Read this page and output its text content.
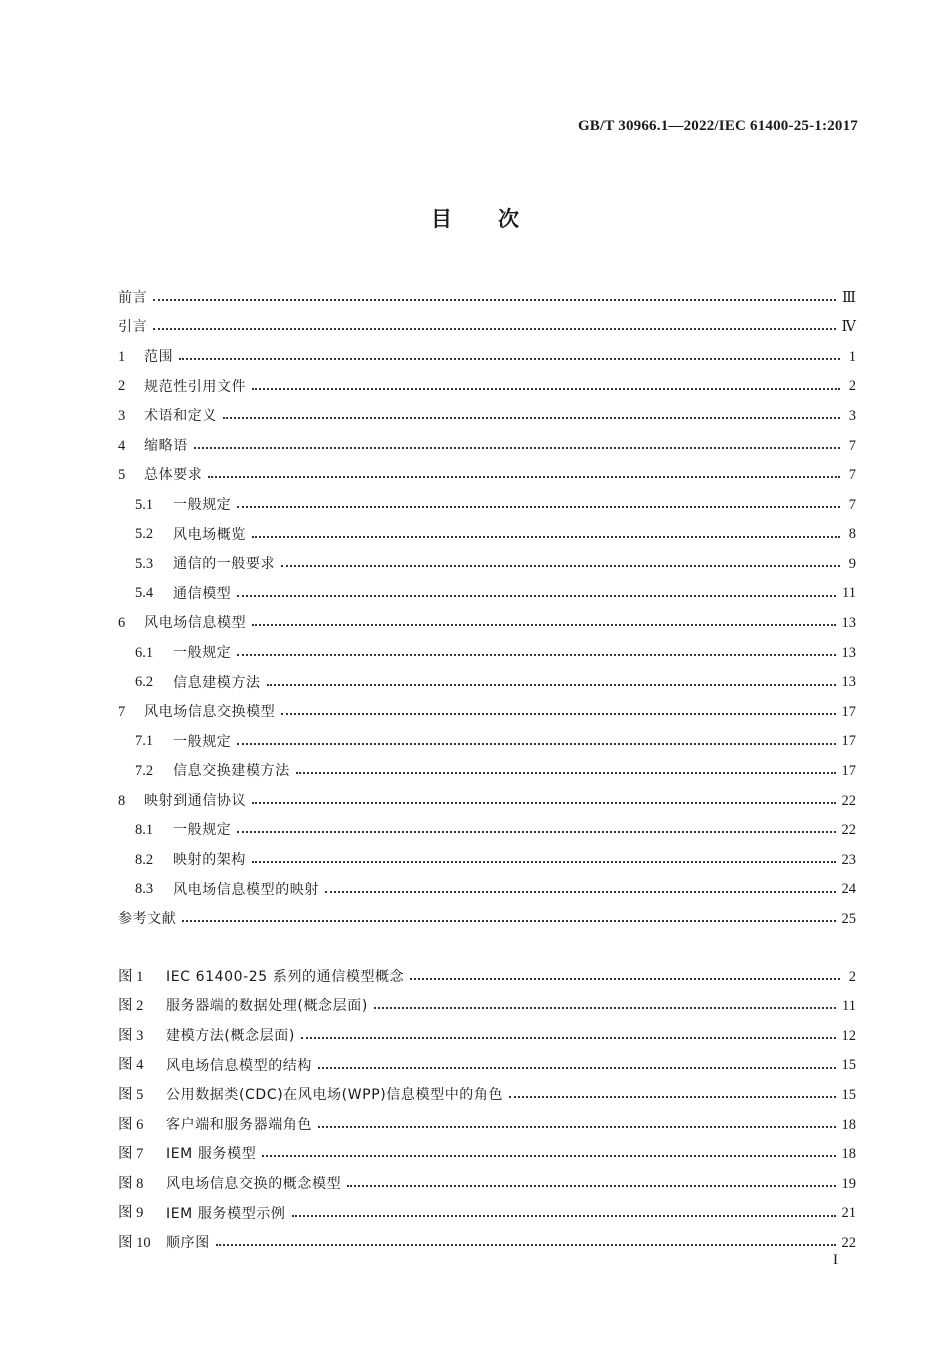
GB/T 30966.1—2022/IEC 61400-25-1:2017
目 次
前言	Ⅲ
引言	Ⅳ
1	范围	1
2	规范性引用文件	2
3	术语和定义	3
4	缩略语	7
5	总体要求	7
5.1	一般规定	7
5.2	风电场概览	8
5.3	通信的一般要求	9
5.4	通信模型	11
6	风电场信息模型	13
6.1	一般规定	13
6.2	信息建模方法	13
7	风电场信息交换模型	17
7.1	一般规定	17
7.2	信息交换建模方法	17
8	映射到通信协议	22
8.1	一般规定	22
8.2	映射的架构	23
8.3	风电场信息模型的映射	24
参考文献	25
图 1	IEC 61400-25 系列的通信模型概念	2
图 2	服务器端的数据处理(概念层面)	11
图 3	建模方法(概念层面)	12
图 4	风电场信息模型的结构	15
图 5	公用数据类(CDC)在风电场(WPP)信息模型中的角色	15
图 6	客户端和服务器端角色	18
图 7	IEM 服务模型	18
图 8	风电场信息交换的概念模型	19
图 9	IEM 服务模型示例	21
图 10	顺序图	22
I
